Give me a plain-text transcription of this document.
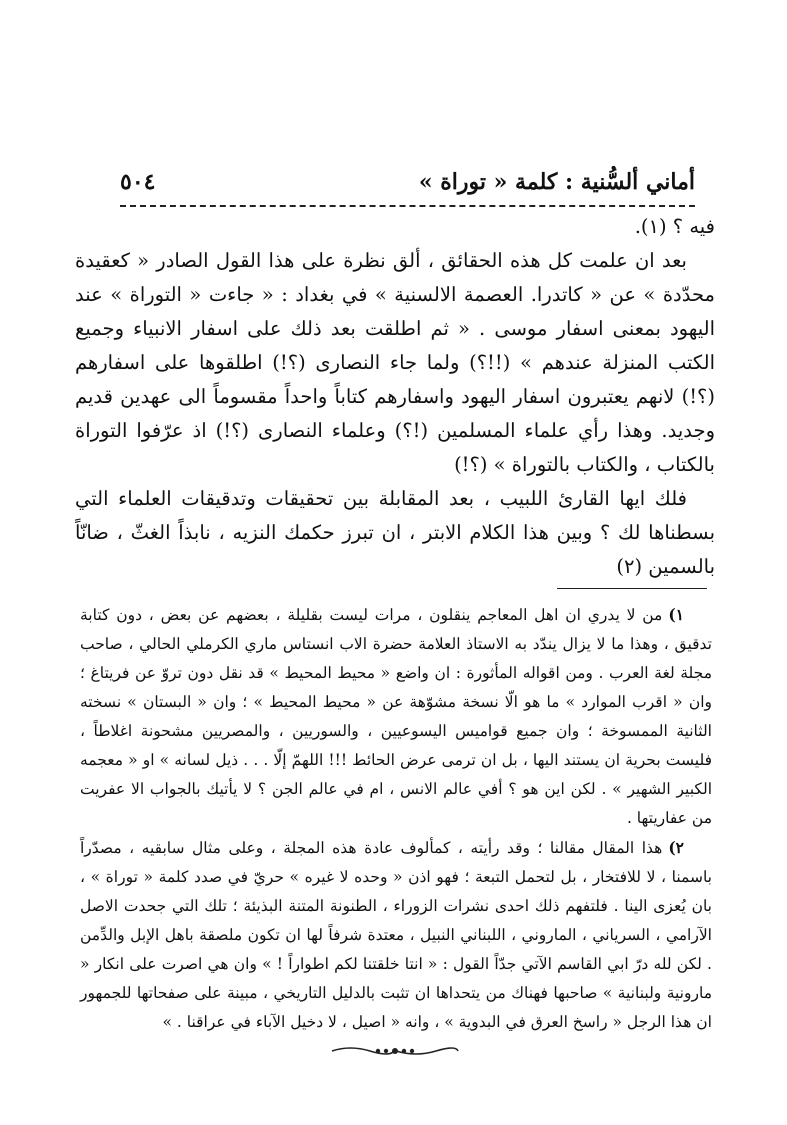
أماني ألسُّنية : كلمة « توراة »
٥٠٤

فيه ؟ (١).

بعد ان علمت كل هذه الحقائق ، ألق نظرة على هذا القول الصادر « كعقيدة محدّدة » عن « كاتدرا. العصمة الالسنية » في بغداد : « جاءت « التوراة » عند اليهود بمعنى اسفار موسى . « ثم اطلقت بعد ذلك على اسفار الانبياء وجميع الكتب المنزلة عندهم » (!!؟) ولما جاء النصارى (؟!) اطلقوها على اسفارهم (؟!) لانهم يعتبرون اسفار اليهود واسفارهم كتاباً واحداً مقسوماً الى عهدين قديم وجديد. وهذا رأي علماء المسلمين (!؟) وعلماء النصارى (؟!) اذ عرّفوا التوراة بالكتاب ، والكتاب بالتوراة » (؟!)

فلك ايها القارئ اللبيب ، بعد المقابلة بين تحقيقات وتدقيقات العلماء التي بسطناها لك ؟ وبين هذا الكلام الابتر ، ان تبرز حكمك النزيه ، نابذاً الغثّ ، ضانّاً بالسمين (٢)

١)من لا يدري ان اهل المعاجم ينقلون ، مرات ليست بقليلة ، بعضهم عن بعض ، دون كتابة تدقيق ، وهذا ما لا يزال يندّد به الاستاذ العلامة حضرة الاب انستاس ماري الكرملي الحالي ، صاحب مجلة لغة العرب . ومن اقواله المأثورة : ان واضع « محيط المحيط » قد نقل دون تروّ عن فريتاغ ؛ وان « اقرب الموارد » ما هو الّا نسخة مشوّهة عن « محيط المحيط » ؛ وان « البستان » نسخته الثانية الممسوخة ؛ وان جميع قواميس اليسوعيين ، والسوريين ، والمصريين مشحونة اغلاطاً ، فليست بحرية ان يستند اليها ، بل ان ترمى عرض الحائط !!! اللهمّ إلّا . . . ذيل لسانه » او « معجمه الكبير الشهير » . لكن اين هو ؟ أفي عالم الانس ، ام في عالم الجن ؟ لا يأتيك بالجواب الا عفريت من عفاريتها .

٢)هذا المقال مقالنا ؛ وقد رأيته ، كمألوف عادة هذه المجلة ، وعلى مثال سابقيه ، مصدّراً باسمنا ، لا للافتخار ، بل لتحمل التبعة ؛ فهو اذن « وحده لا غيره » حريّ في صدد كلمة « توراة » ، بان يُعزى الينا . فلتفهم ذلك احدى نشرات الزوراء ، الطنونة المتنة البذيئة ؛ تلك التي جحدت الاصل الآرامي ، السرياني ، الماروني ، اللبناني النبيل ، معتدة شرفاً لها ان تكون ملصقة باهل الإبل والدِّمن . لكن لله درّ ابي القاسم الآتي جدّاً القول : « انتا خلقتنا لكم اطواراً ! » وان هي اصرت على انكار « مارونية ولبنانية » صاحبها فهناك من يتحداها ان تثبت بالدليل التاريخي ، مبينة على صفحاتها للجمهور ان هذا الرجل « راسخ العرق في البدوية » ، وانه « اصيل ، لا دخيل الآباء في عراقنا . »
